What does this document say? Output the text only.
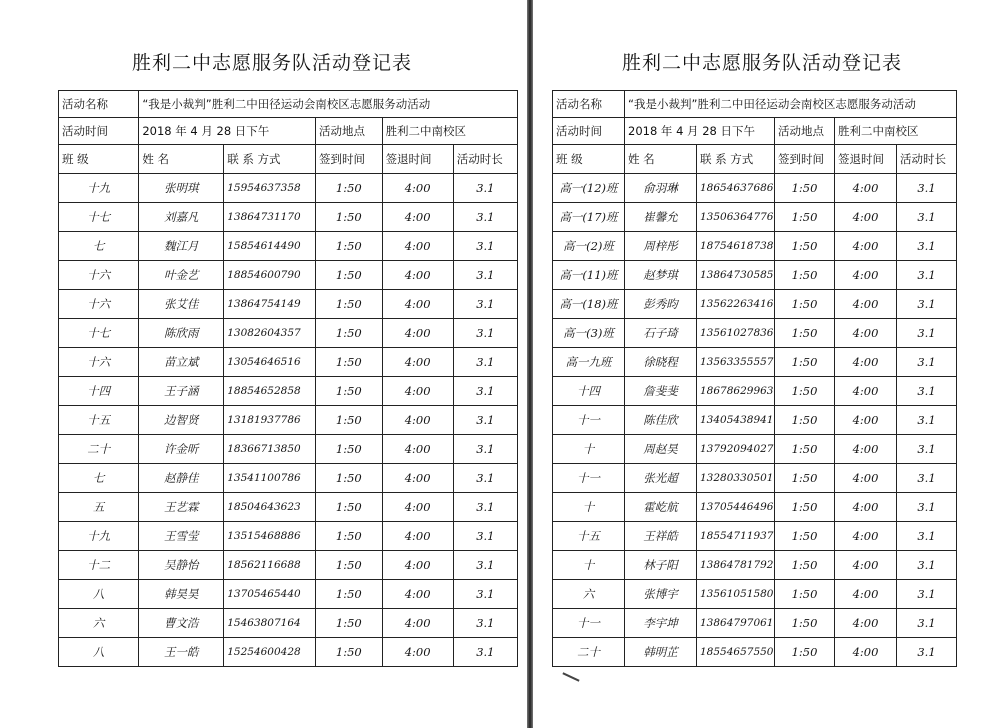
胜利二中志愿服务队活动登记表	胜利二中志愿服务队活动登记表
活动名称	“我是小裁判”胜利二中田径运动会南校区志愿服务动活动				
活动时间	2018 年 4 月 28 日下午		活动地点	胜利二中南校区	
班 级	姓 名	联 系 方式	签到时间	签退时间	活动时长
十九	张明琪	15954637358	1:50	4:00	3.1
十七	刘嘉凡	13864731170	1:50	4:00	3.1
七	魏江月	15854614490	1:50	4:00	3.1
十六	叶金艺	18854600790	1:50	4:00	3.1
十六	张艾佳	13864754149	1:50	4:00	3.1
十七	陈欣雨	13082604357	1:50	4:00	3.1
十六	苗立斌	13054646516	1:50	4:00	3.1
十四	王子涵	18854652858	1:50	4:00	3.1
十五	边智贤	13181937786	1:50	4:00	3.1
二十	许金昕	18366713850	1:50	4:00	3.1
七	赵静佳	13541100786	1:50	4:00	3.1
五	王艺霖	18504643623	1:50	4:00	3.1
十九	王雪莹	13515468886	1:50	4:00	3.1
十二	吴静怡	18562116688	1:50	4:00	3.1
八	韩昊昊	13705465440	1:50	4:00	3.1
六	曹文浩	15463807164	1:50	4:00	3.1
八	王一皓	15254600428	1:50	4:00	3.1
活动名称	“我是小裁判”胜利二中田径运动会南校区志愿服务动活动				
活动时间	2018 年 4 月 28 日下午		活动地点	胜利二中南校区	
班 级	姓 名	联 系 方式	签到时间	签退时间	活动时长
高一(12)班	俞羽琳	18654637686	1:50	4:00	3.1
高一(17)班	崔馨允	13506364776	1:50	4:00	3.1
高一(2)班	周梓彤	18754618738	1:50	4:00	3.1
高一(11)班	赵梦琪	13864730585	1:50	4:00	3.1
高一(18)班	彭秀昀	13562263416	1:50	4:00	3.1
高一(3)班	石子琦	13561027836	1:50	4:00	3.1
高一九班	徐晓程	13563355557	1:50	4:00	3.1
十四	詹斐斐	18678629963	1:50	4:00	3.1
十一	陈佳欣	13405438941	1:50	4:00	3.1
十	周赵昊	13792094027	1:50	4:00	3.1
十一	张光超	13280330501	1:50	4:00	3.1
十	霍屹航	13705446496	1:50	4:00	3.1
十五	王祥皓	18554711937	1:50	4:00	3.1
十	林子阳	13864781792	1:50	4:00	3.1
六	张博宇	13561051580	1:50	4:00	3.1
十一	李宇坤	13864797061	1:50	4:00	3.1
二十	韩明芷	18554657550	1:50	4:00	3.1
